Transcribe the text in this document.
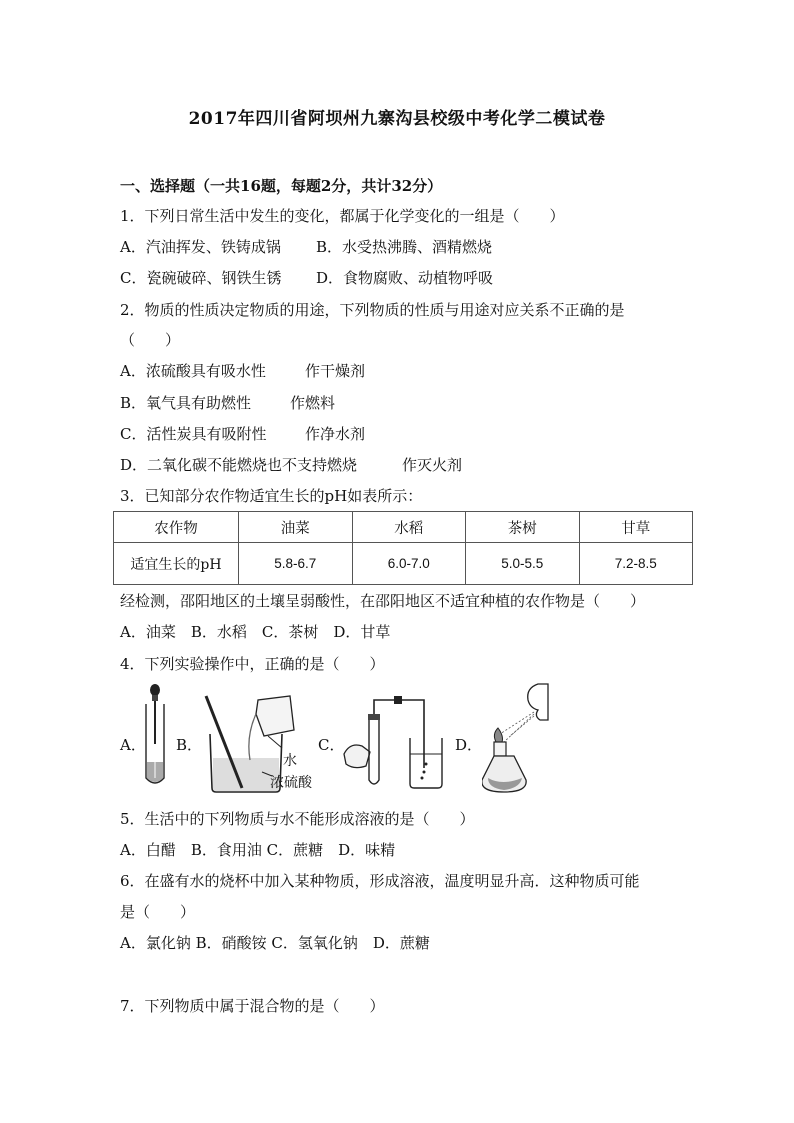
2017年四川省阿坝州九寨沟县校级中考化学二模试卷
一、选择题（一共16题，每题2分，共计32分）
1．下列日常生活中发生的变化，都属于化学变化的一组是（　　）
A．汽油挥发、铁铸成锅 B．水受热沸腾、酒精燃烧
C．瓷碗破碎、钢铁生锈 D．食物腐败、动植物呼吸
2．物质的性质决定物质的用途，下列物质的性质与用途对应关系不正确的是
（　　）
A．浓硫酸具有吸水性	作干燥剂
B．氧气具有助燃性	作燃料
C．活性炭具有吸附性	作净水剂
D．二氧化碳不能燃烧也不支持燃烧	作灭火剂
3．已知部分农作物适宜生长的pH如表所示：
农作物	油菜	水稻	茶树	甘草
适宜生长的pH	5.8-6.7	6.0-7.0	5.0-5.5	7.2-8.5
经检测，邵阳地区的土壤呈弱酸性，在邵阳地区不适宜种植的农作物是（　　）
A．油菜　B．水稻　C．茶树　D．甘草
4．下列实验操作中，正确的是（　　）
A． B．	C．	D．
水
浓硫酸
5．生活中的下列物质与水不能形成溶液的是（　　）
A．白醋　B．食用油 C．蔗糖　D．味精
6．在盛有水的烧杯中加入某种物质，形成溶液，温度明显升高．这种物质可能
是（　　）
A．氯化钠 B．硝酸铵 C．氢氧化钠　D．蔗糖
7．下列物质中属于混合物的是（　　）
